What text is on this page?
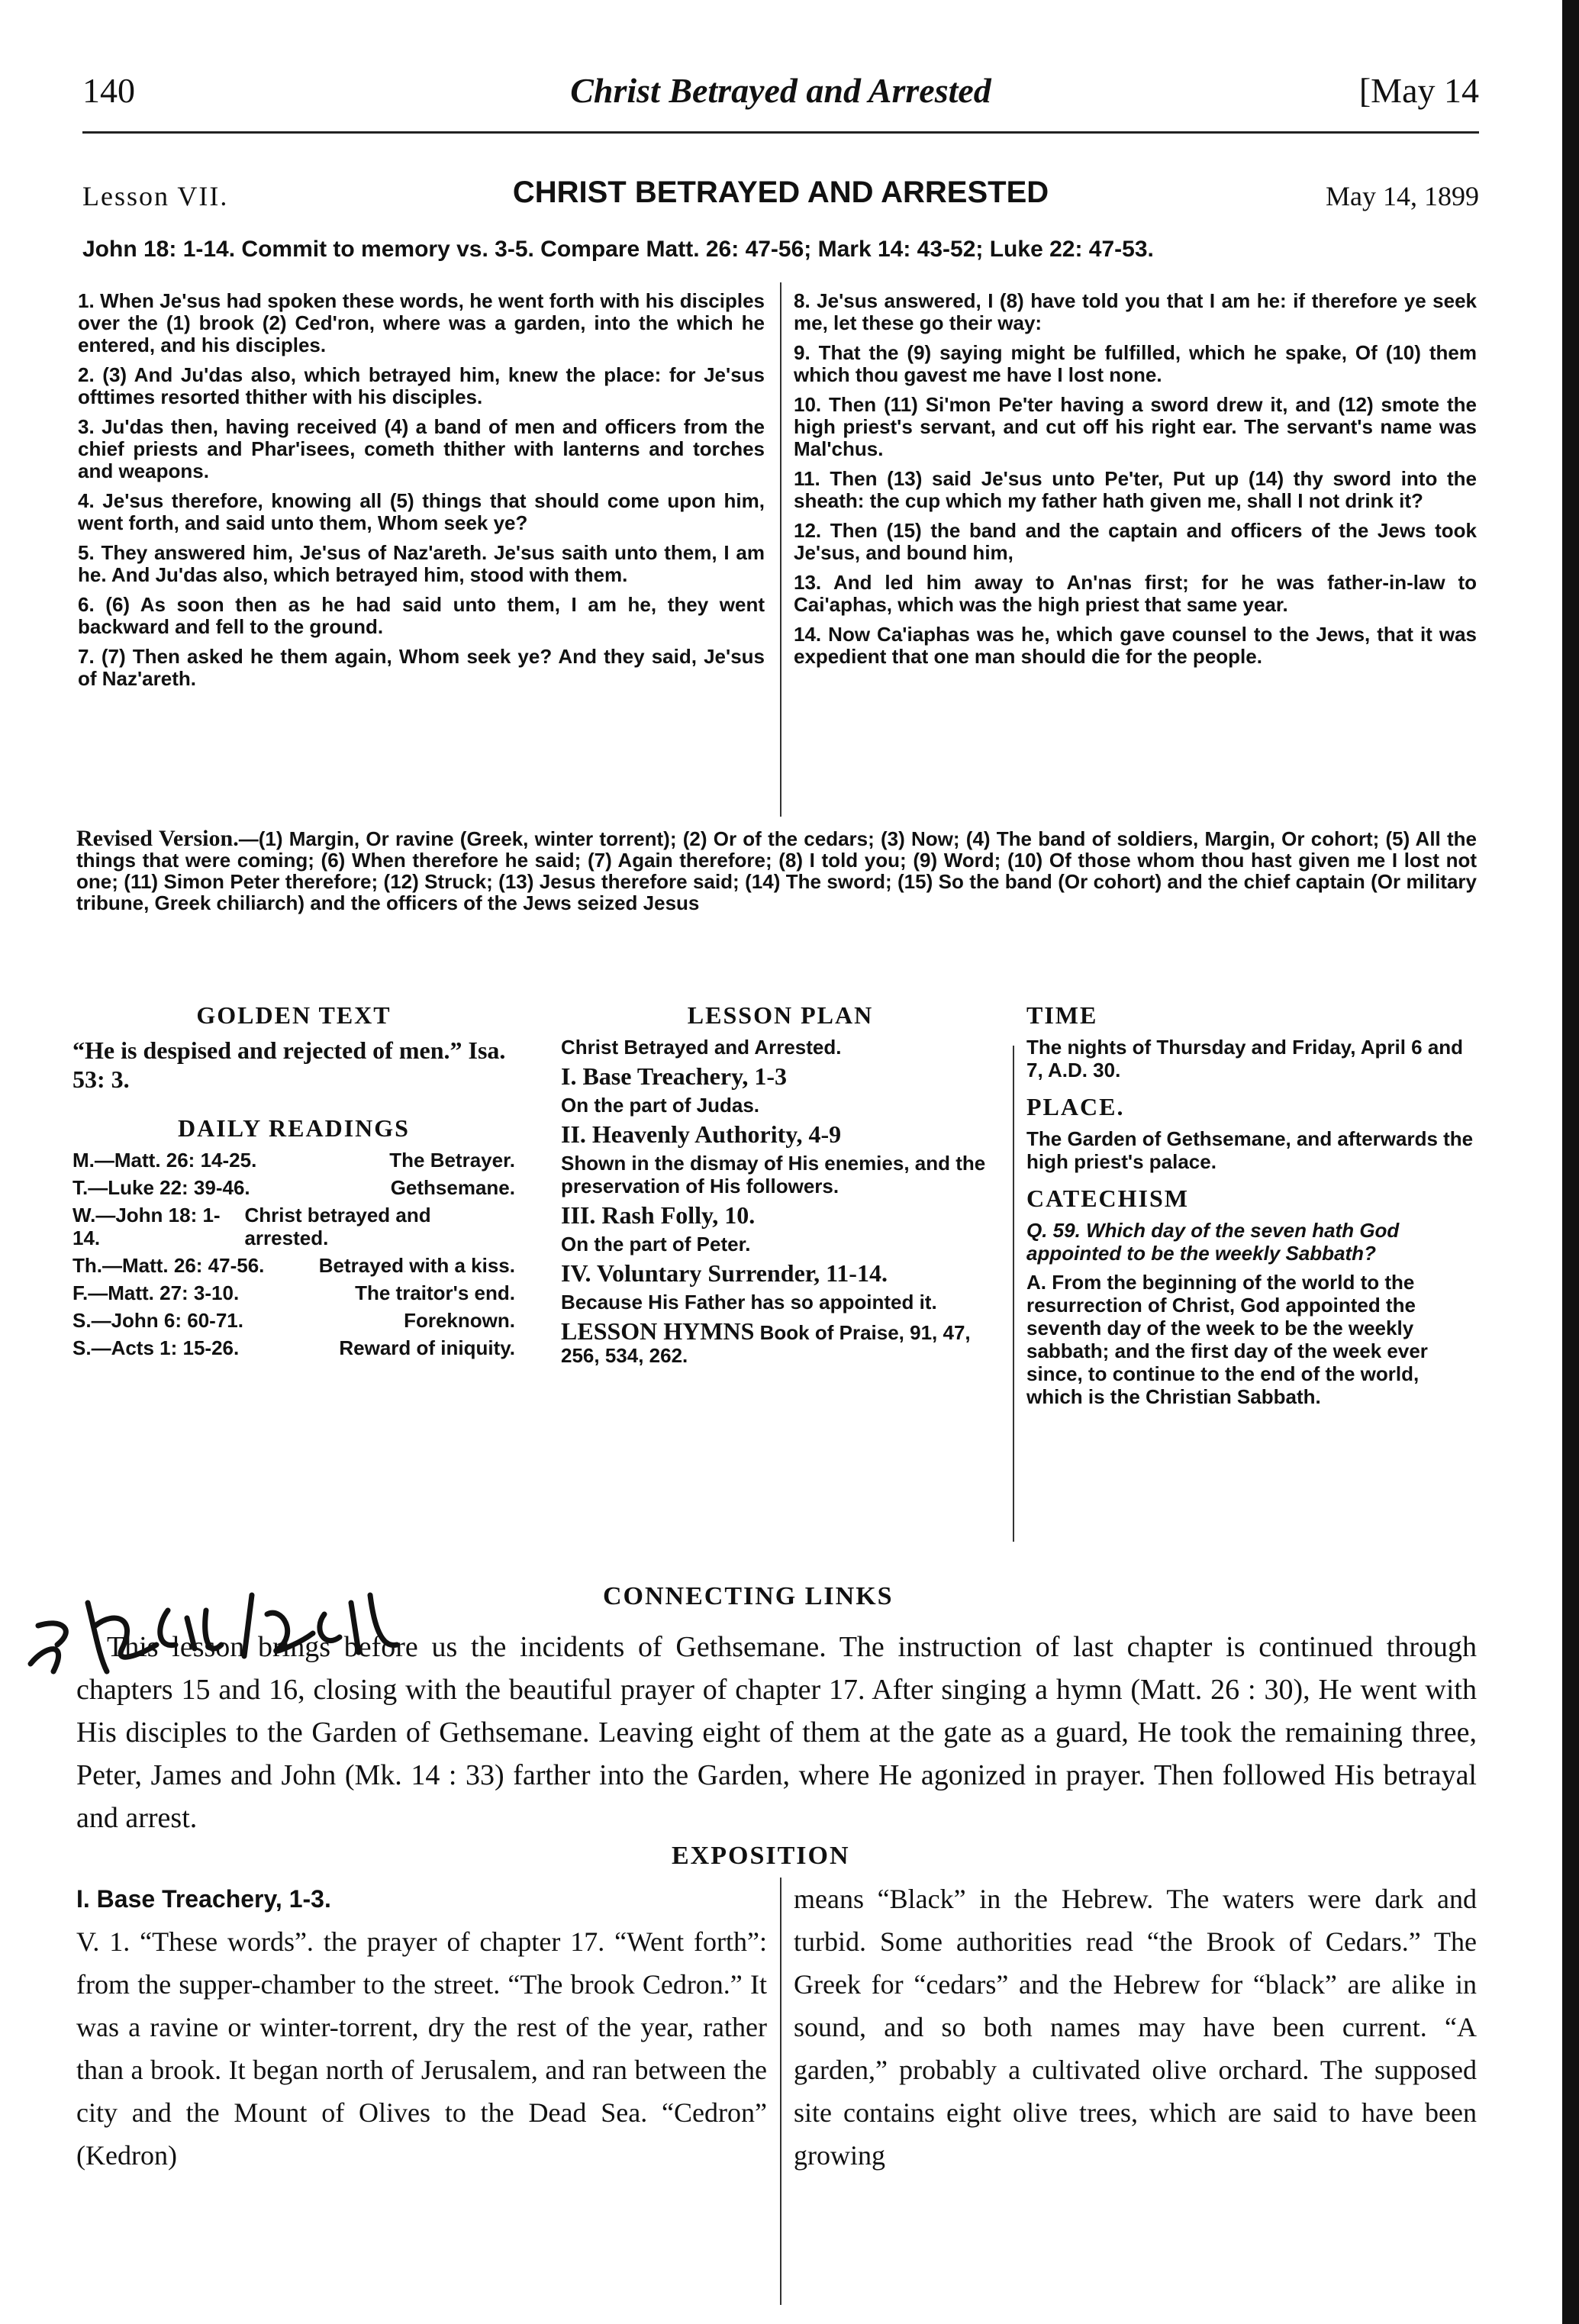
140	Christ Betrayed and Arrested	[May 14
Lesson VII.	CHRIST BETRAYED AND ARRESTED	May 14, 1899
John 18: 1-14. Commit to memory vs. 3-5. Compare Matt. 26: 47-56; Mark 14: 43-52; Luke 22: 47-53.

1. When Je'sus had spoken these words, he went forth with his disciples over the (1) brook (2) Ced'ron, where was a garden, into the which he entered, and his disciples.

2. (3) And Ju'das also, which betrayed him, knew the place: for Je'sus ofttimes resorted thither with his disciples.

3. Ju'das then, having received (4) a band of men and officers from the chief priests and Phar'isees, cometh thither with lanterns and torches and weapons.

4. Je'sus therefore, knowing all (5) things that should come upon him, went forth, and said unto them, Whom seek ye?

5. They answered him, Je'sus of Naz'areth. Je'sus saith unto them, I am he. And Ju'das also, which betrayed him, stood with them.

6. (6) As soon then as he had said unto them, I am he, they went backward and fell to the ground.

7. (7) Then asked he them again, Whom seek ye? And they said, Je'sus of Naz'areth.

8. Je'sus answered, I (8) have told you that I am he: if therefore ye seek me, let these go their way:

9. That the (9) saying might be fulfilled, which he spake, Of (10) them which thou gavest me have I lost none.

10. Then (11) Si'mon Pe'ter having a sword drew it, and (12) smote the high priest's servant, and cut off his right ear. The servant's name was Mal'chus.

11. Then (13) said Je'sus unto Pe'ter, Put up (14) thy sword into the sheath: the cup which my father hath given me, shall I not drink it?

12. Then (15) the band and the captain and officers of the Jews took Je'sus, and bound him,

13. And led him away to An'nas first; for he was father-in-law to Cai'aphas, which was the high priest that same year.

14. Now Ca'iaphas was he, which gave counsel to the Jews, that it was expedient that one man should die for the people.

Revised Version.—(1) Margin, Or ravine (Greek, winter torrent); (2) Or of the cedars; (3) Now; (4) The band of soldiers, Margin, Or cohort; (5) All the things that were coming; (6) When therefore he said; (7) Again therefore; (8) I told you; (9) Word; (10) Of those whom thou hast given me I lost not one; (11) Simon Peter therefore; (12) Struck; (13) Jesus therefore said; (14) The sword; (15) So the band (Or cohort) and the chief captain (Or military tribune, Greek chiliarch) and the officers of the Jews seized Jesus
GOLDEN TEXT

“He is despised and rejected of men.” Isa. 53: 3.

DAILY READINGS
M.—Matt. 26: 14-25.	The Betrayer.
T.—Luke 22: 39-46.	Gethsemane.
W.—John 18: 1-14.
Christ betrayed and arrested.
Th.—Matt. 26: 47-56.	Betrayed with a kiss.
F.—Matt. 27: 3-10.	The traitor's end.
S.—John 6: 60-71.	Foreknown.
S.—Acts 1: 15-26.	Reward of iniquity.
LESSON PLAN

Christ Betrayed and Arrested.

I. Base Treachery, 1-3

On the part of Judas.

II. Heavenly Authority, 4-9

Shown in the dismay of His enemies, and the preservation of His followers.

III. Rash Folly, 10.

On the part of Peter.

IV. Voluntary Surrender, 11-14.

Because His Father has so appointed it.

LESSON HYMNS Book of Praise, 91, 47, 256, 534, 262.

TIME

The nights of Thursday and Friday, April 6 and 7, A.D. 30.

PLACE.

The Garden of Gethsemane, and afterwards the high priest's palace.

CATECHISM

Q. 59. Which day of the seven hath God appointed to be the weekly Sabbath?

A. From the beginning of the world to the resurrection of Christ, God appointed the seventh day of the week to be the weekly sabbath; and the first day of the week ever since, to continue to the end of the world, which is the Christian Sabbath.

CONNECTING LINKS

This lesson brings before us the incidents of Gethsemane. The instruction of last chapter is continued through chapters 15 and 16, closing with the beautiful prayer of chapter 17. After singing a hymn (Matt. 26 : 30), He went with His disciples to the Garden of Gethsemane. Leaving eight of them at the gate as a guard, He took the remaining three, Peter, James and John (Mk. 14 : 33) farther into the Garden, where He agonized in prayer. Then followed His betrayal and arrest.

EXPOSITION

I. Base Treachery, 1-3.

V. 1. “These words”. the prayer of chapter 17. “Went forth”: from the supper-chamber to the street. “The brook Cedron.” It was a ravine or winter-torrent, dry the rest of the year, rather than a brook. It began north of Jerusalem, and ran between the city and the Mount of Olives to the Dead Sea. “Cedron” (Kedron)

means “Black” in the Hebrew. The waters were dark and turbid. Some authorities read “the Brook of Cedars.” The Greek for “cedars” and the Hebrew for “black” are alike in sound, and so both names may have been current. “A garden,” probably a cultivated olive orchard. The supposed site contains eight olive trees, which are said to have been growing
